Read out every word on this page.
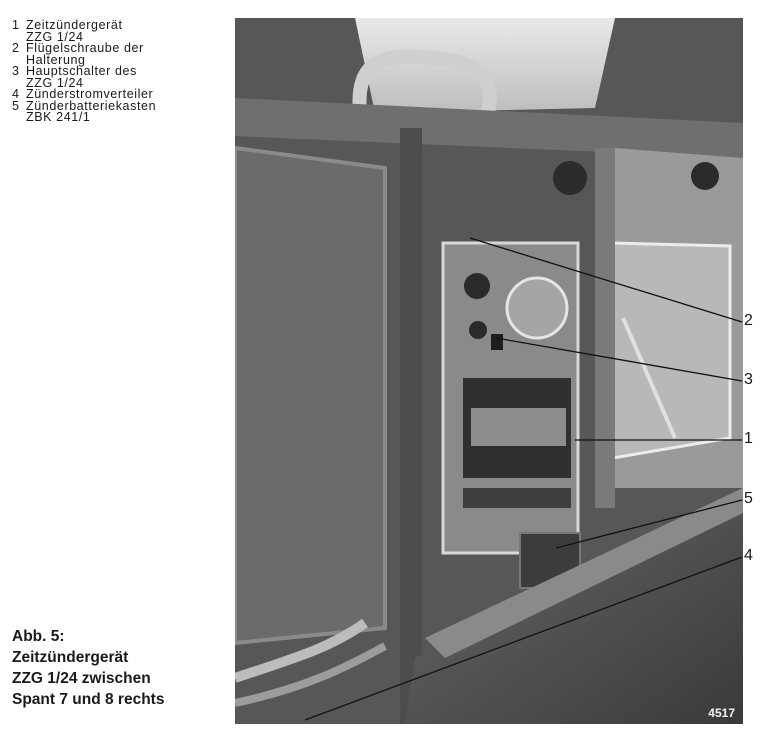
1 Zeitzündergerät
ZZG 1/24
2 Flügelschraube der
Halterung
3 Hauptschalter des
ZZG 1/24
4 Zünderstromverteiler
5 Zünderbatteriekasten
ZBK 241/1
Abb. 5:
Zeitzündergerät
ZZG 1/24 zwischen
Spant 7 und 8 rechts
4517
2
3
1
5
4
